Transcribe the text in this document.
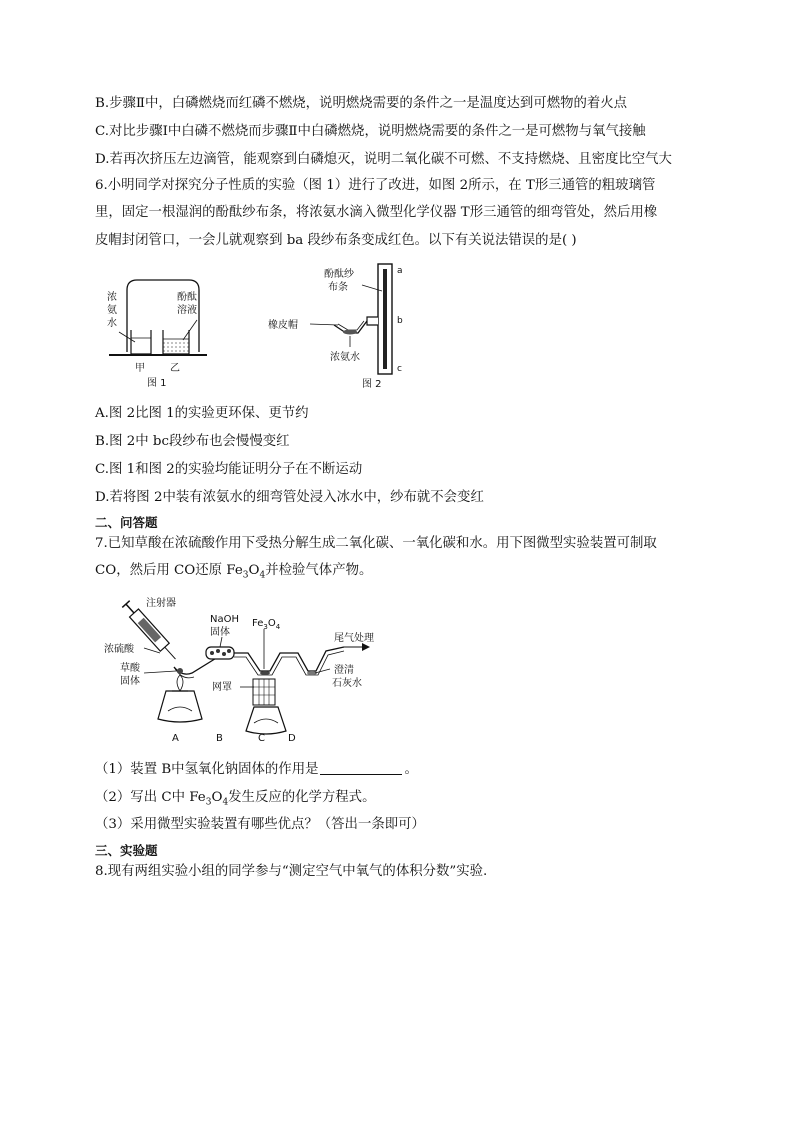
B.步骤Ⅱ中，白磷燃烧而红磷不燃烧，说明燃烧需要的条件之一是温度达到可燃物的着火点
C.对比步骤Ⅰ中白磷不燃烧而步骤Ⅱ中白磷燃烧，说明燃烧需要的条件之一是可燃物与氧气接触
D.若再次挤压左边滴管，能观察到白磷熄灭，说明二氧化碳不可燃、不支持燃烧、且密度比空气大
6.小明同学对探究分子性质的实验（图 1）进行了改进，如图 2所示，在 T形三通管的粗玻璃管
里，固定一根湿润的酚酞纱布条，将浓氨水滴入微型化学仪器 T形三通管的细弯管处，然后用橡
皮帽封闭管口，一会儿就观察到 ba 段纱布条变成红色。以下有关说法错误的是( )
浓
氨
水
酚酞
溶液
甲	乙
图 1
酚酞纱
布条
橡皮帽
浓氨水
a
b
c
图 2
A.图 2比图 1的实验更环保、更节约
B.图 2中 bc段纱布也会慢慢变红
C.图 1和图 2的实验均能证明分子在不断运动
D.若将图 2中装有浓氨水的细弯管处浸入冰水中，纱布就不会变红
二、问答题
7.已知草酸在浓硫酸作用下受热分解生成二氧化碳、一氧化碳和水。用下图微型实验装置可制取
CO，然后用 CO还原 $Fe_3O_4$并检验气体产物。
注射器
浓硫酸
草酸
固体
NaOH
固体
$Fe_3O_4$
尾气处理
澄清
石灰水
网罩
A	B	C D
（1）装置 B中氢氧化钠固体的作用是	。
（2）写出 C中 $Fe_3O_4$发生反应的化学方程式。
（3）采用微型实验装置有哪些优点？（答出一条即可）
三、实验题
8.现有两组实验小组的同学参与“测定空气中氧气的体积分数”实验.
